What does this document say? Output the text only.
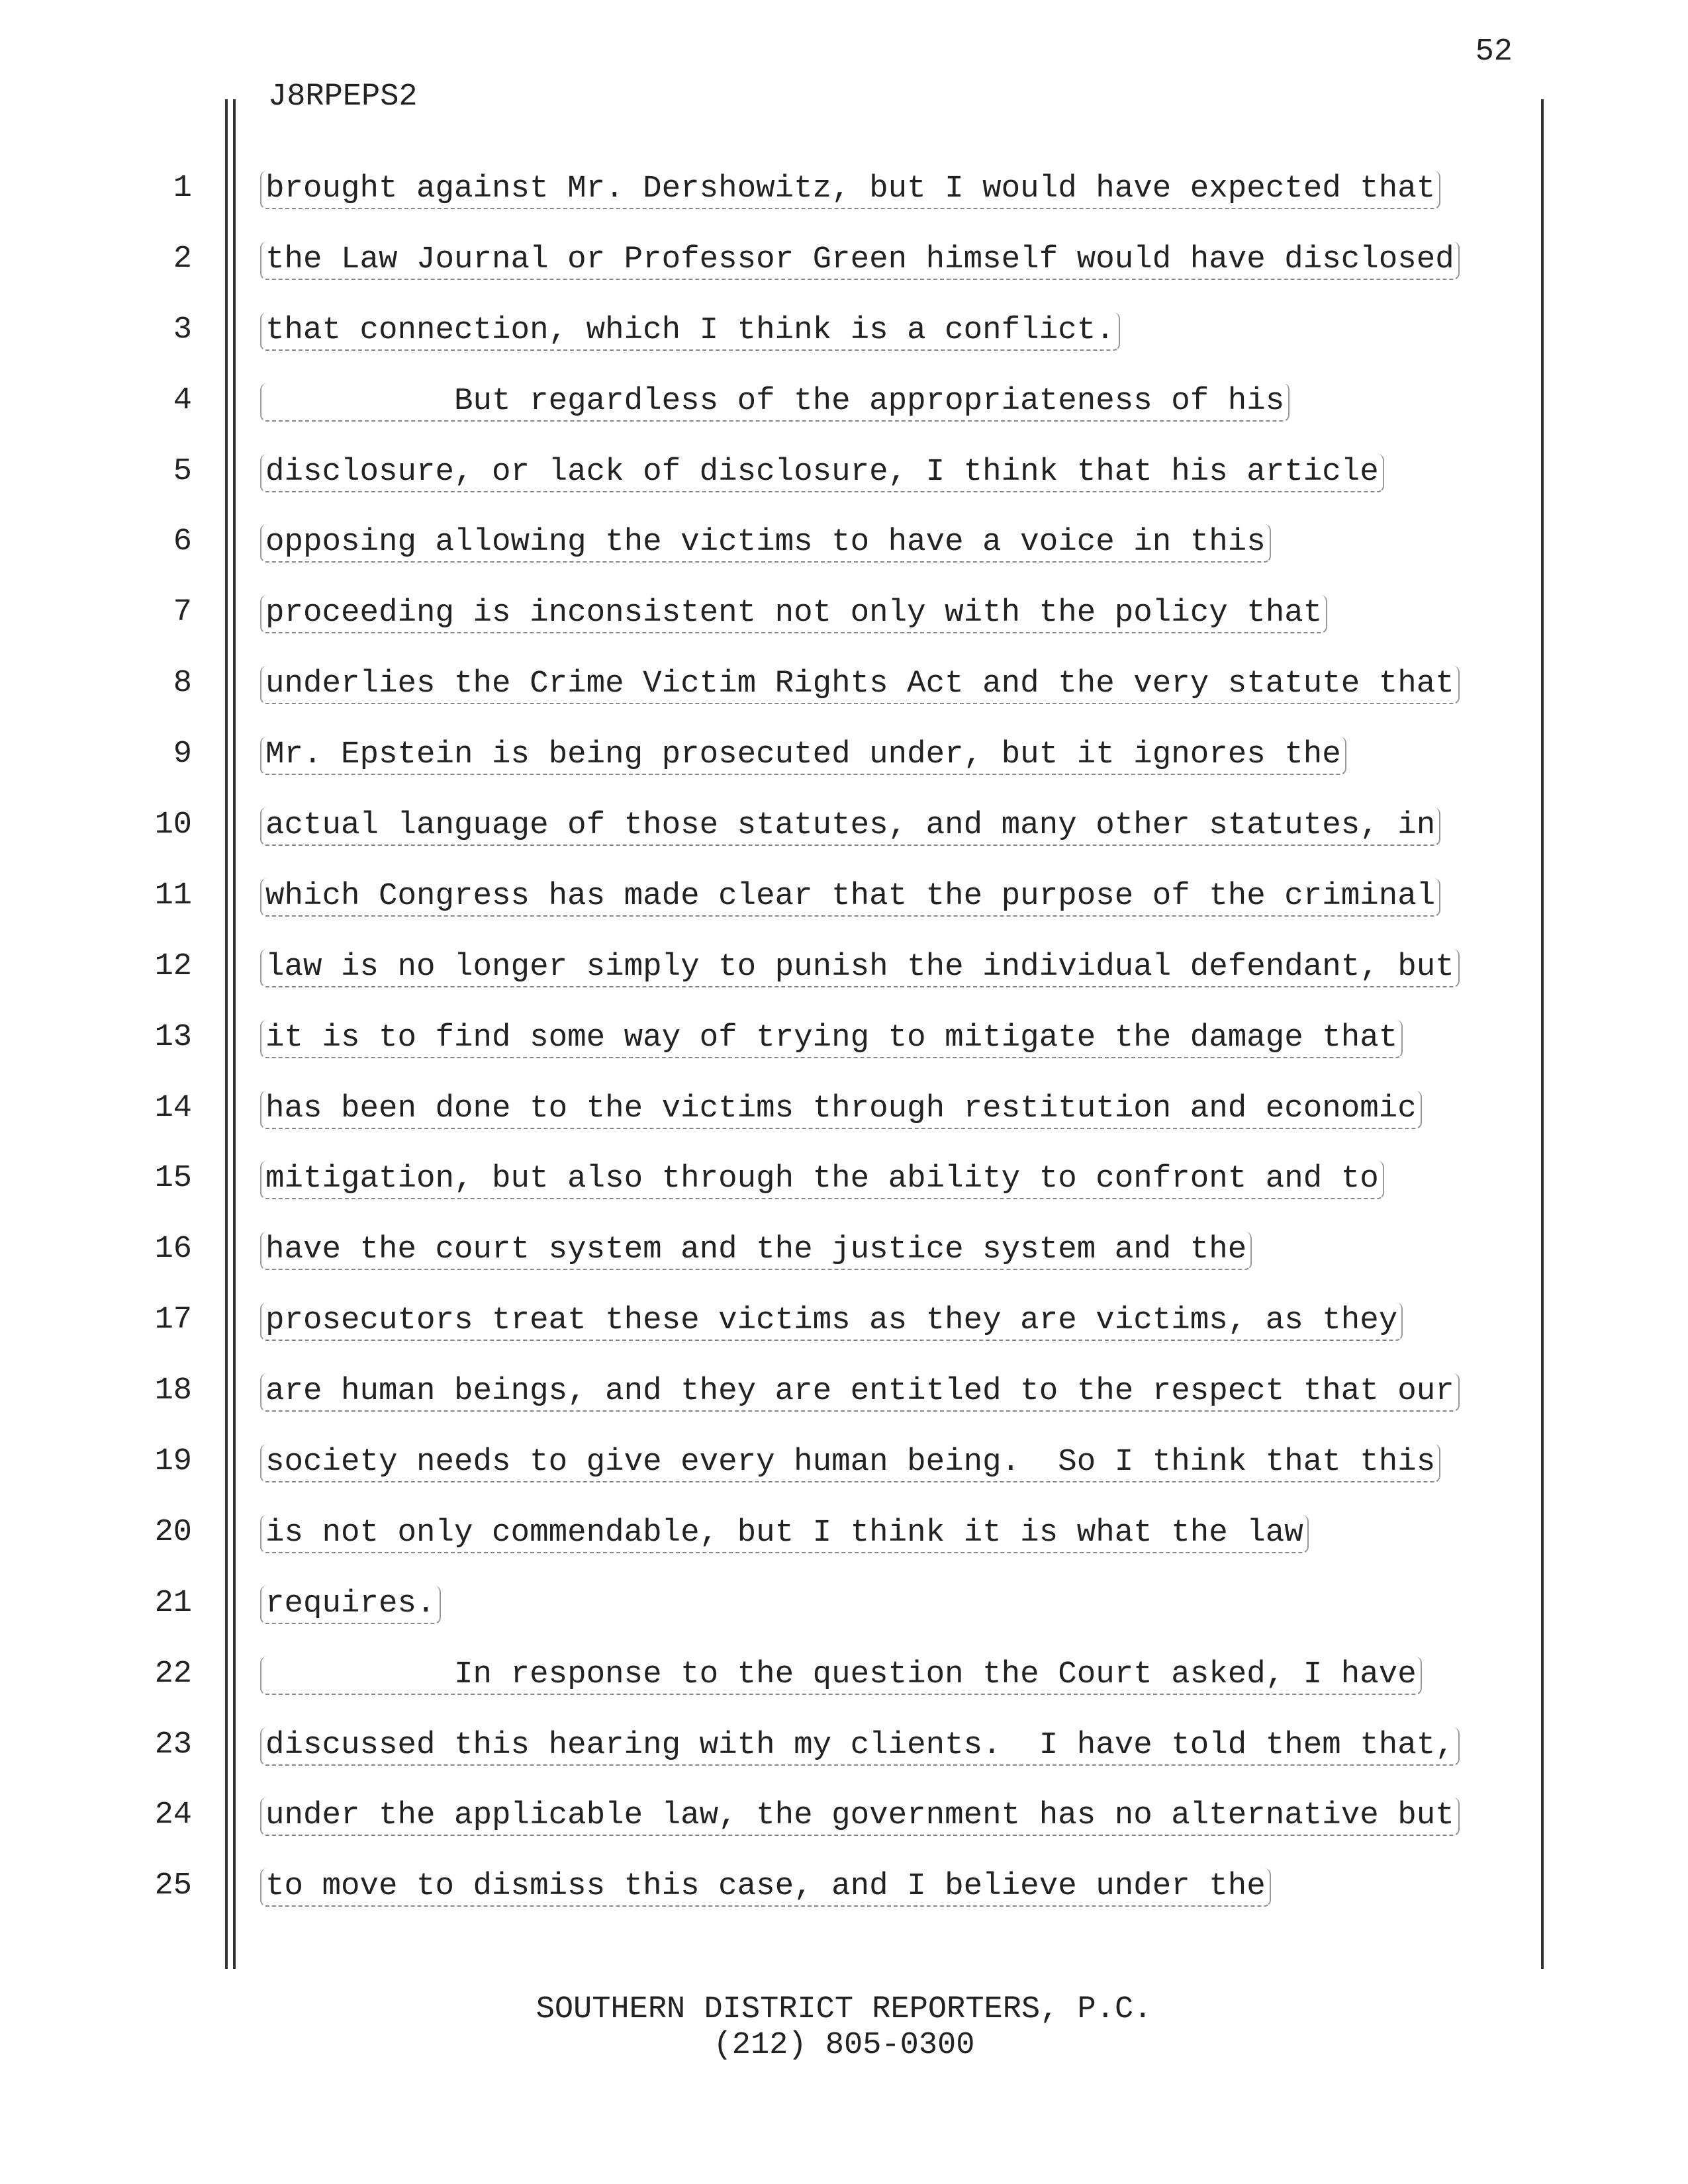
52
J8RPEPS2
1
2
3
4
5
6
7
8
9
10
11
12
13
14
15
16
17
18
19
20
21
22
23
24
25
brought against Mr. Dershowitz, but I would have expected that
the Law Journal or Professor Green himself would have disclosed
that connection, which I think is a conflict.
But regardless of the appropriateness of his
disclosure, or lack of disclosure, I think that his article
opposing allowing the victims to have a voice in this
proceeding is inconsistent not only with the policy that
underlies the Crime Victim Rights Act and the very statute that
Mr. Epstein is being prosecuted under, but it ignores the
actual language of those statutes, and many other statutes, in
which Congress has made clear that the purpose of the criminal
law is no longer simply to punish the individual defendant, but
it is to find some way of trying to mitigate the damage that
has been done to the victims through restitution and economic
mitigation, but also through the ability to confront and to
have the court system and the justice system and the
prosecutors treat these victims as they are victims, as they
are human beings, and they are entitled to the respect that our
society needs to give every human being.  So I think that this
is not only commendable, but I think it is what the law
requires.
In response to the question the Court asked, I have
discussed this hearing with my clients.  I have told them that,
under the applicable law, the government has no alternative but
to move to dismiss this case, and I believe under the
SOUTHERN DISTRICT REPORTERS, P.C.
(212) 805-0300
